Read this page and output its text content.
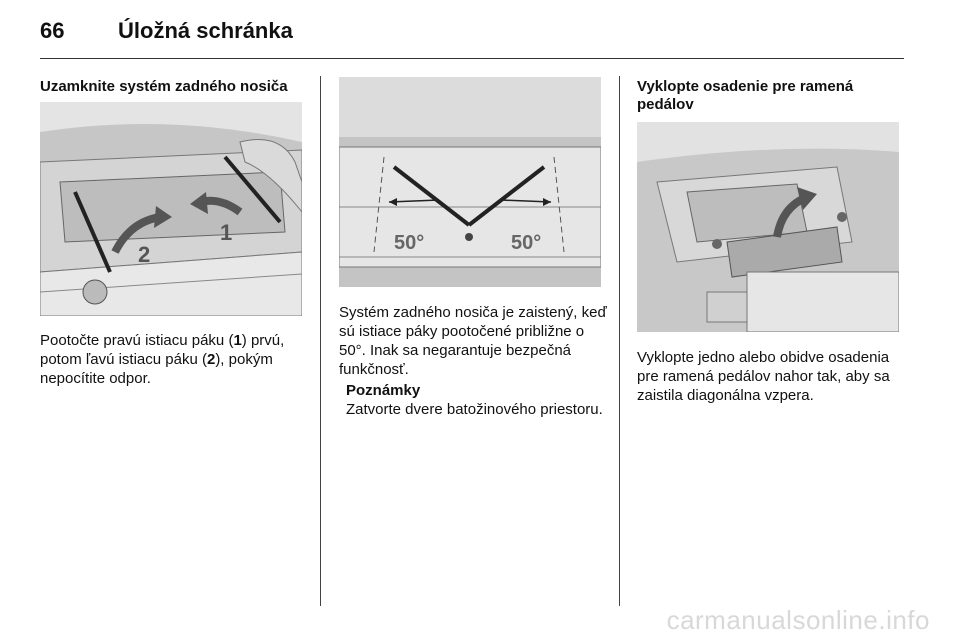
66 Úložná schránka
Uzamknite systém zadného nosiča
2
1
Pootočte pravú istiacu páku (1) prvú, potom ľavú istiacu páku (2), pokým nepocítite odpor.
50°	50°
Systém zadného nosiča je zaistený, keď sú istiace páky pootočené približne o 50°. Inak sa negarantuje bezpečná funkčnosť.
Poznámky
Zatvorte dvere batožinového priestoru.
Vyklopte osadenie pre ramená pedálov
Vyklopte jedno alebo obidve osadenia pre ramená pedálov nahor tak, aby sa zaistila diagonálna vzpera.
carmanualsonline.info
